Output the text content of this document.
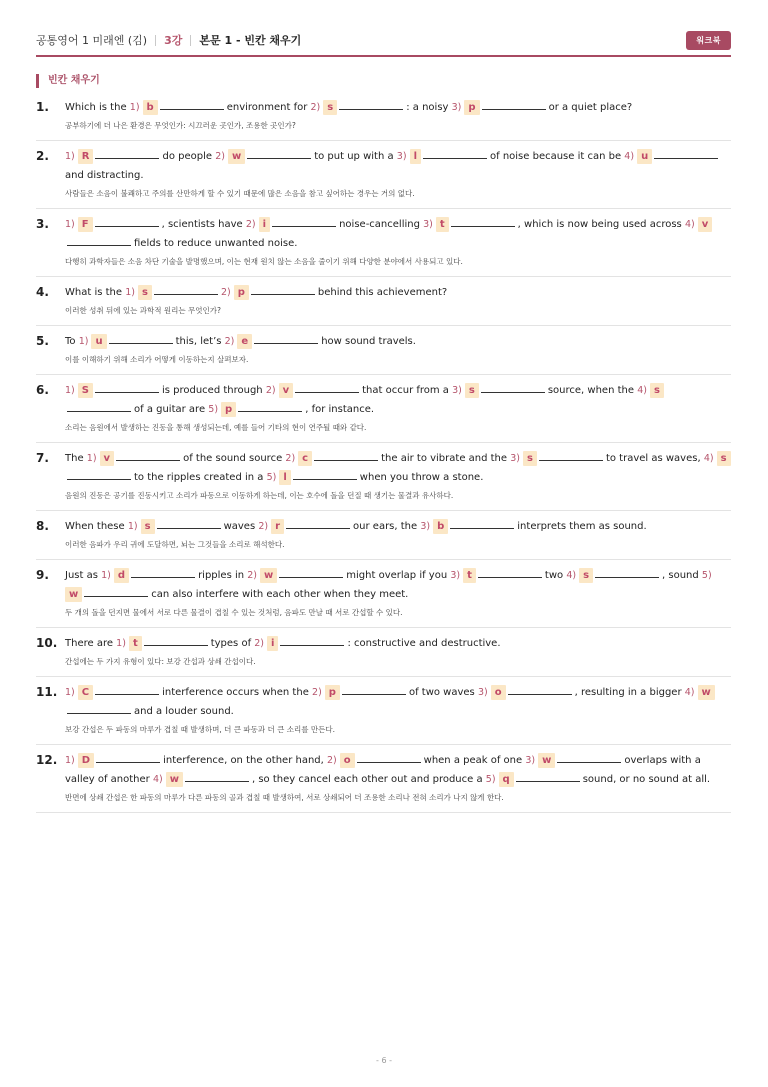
공통영어 1 미래엔 (김) 3강 본문 1 - 빈칸 채우기	워크북
빈칸 채우기
1. Which is the 1) b	environment for 2) s	: a noisy 3) p	or a quiet place?
공부하기에 더 나은 환경은 무엇인가: 시끄러운 곳인가, 조용한 곳인가?
2. 1) R	do people 2) w	to put up with a 3) l	of noise because it can be 4) uand distracting.
사람들은 소음이 불쾌하고 주의를 산만하게 할 수 있기 때문에 많은 소음을 참고 싶어하는 경우는 거의 없다.
3. 1) F	, scientists have 2) i	noise-cancelling 3) t	, which is now being used across 4) vfields to reduce unwanted noise.
다행히 과학자들은 소음 차단 기술을 발명했으며, 이는 현재 원치 않는 소음을 줄이기 위해 다양한 분야에서 사용되고 있다.
4. What is the 1) s	2) p	behind this achievement?
이러한 성취 뒤에 있는 과학적 원리는 무엇인가?
5. To 1) u	this, let’s 2) e	how sound travels.
이를 이해하기 위해 소리가 어떻게 이동하는지 살펴보자.
6. 1) S	is produced through 2) v	that occur from a 3) s	source, when the 4) sof a guitar are 5) p	, for instance.
소리는 음원에서 발생하는 진동을 통해 생성되는데, 예를 들어 기타의 현이 연주될 때와 같다.
7. The 1) v	of the sound source 2) c	the air to vibrate and the 3) s	to travel as waves, 4) sto the ripples created in a 5) l	when you throw a stone.
음원의 진동은 공기를 진동시키고 소리가 파동으로 이동하게 하는데, 이는 호수에 돌을 던질 때 생기는 물결과 유사하다.
8. When these 1) s	waves 2) r	our ears, the 3) b	interprets them as sound.
이러한 음파가 우리 귀에 도달하면, 뇌는 그것들을 소리로 해석한다.
9. Just as 1) d	ripples in 2) w	might overlap if you 3) t	two 4) s	, sound 5)w	can also interfere with each other when they meet.
두 개의 돌을 던지면 물에서 서로 다른 물결이 겹칠 수 있는 것처럼, 음파도 만날 때 서로 간섭할 수 있다.
10. There are 1) t	types of 2) i	: constructive and destructive.
간섭에는 두 가지 유형이 있다: 보강 간섭과 상쇄 간섭이다.
11. 1) C	interference occurs when the 2) p	of two waves 3) o	, resulting in a bigger 4) wand a louder sound.
보강 간섭은 두 파동의 마루가 겹칠 때 발생하며, 더 큰 파동과 더 큰 소리를 만든다.
12. 1) D	interference, on the other hand, 2) o	when a peak of one 3) w	overlaps with a valley of another 4) w	, so they cancel each other out and produce a 5) q	sound, or no sound at all.
반면에 상쇄 간섭은 한 파동의 마루가 다른 파동의 골과 겹칠 때 발생하여, 서로 상쇄되어 더 조용한 소리나 전혀 소리가 나지 않게 한다.
- 6 -
